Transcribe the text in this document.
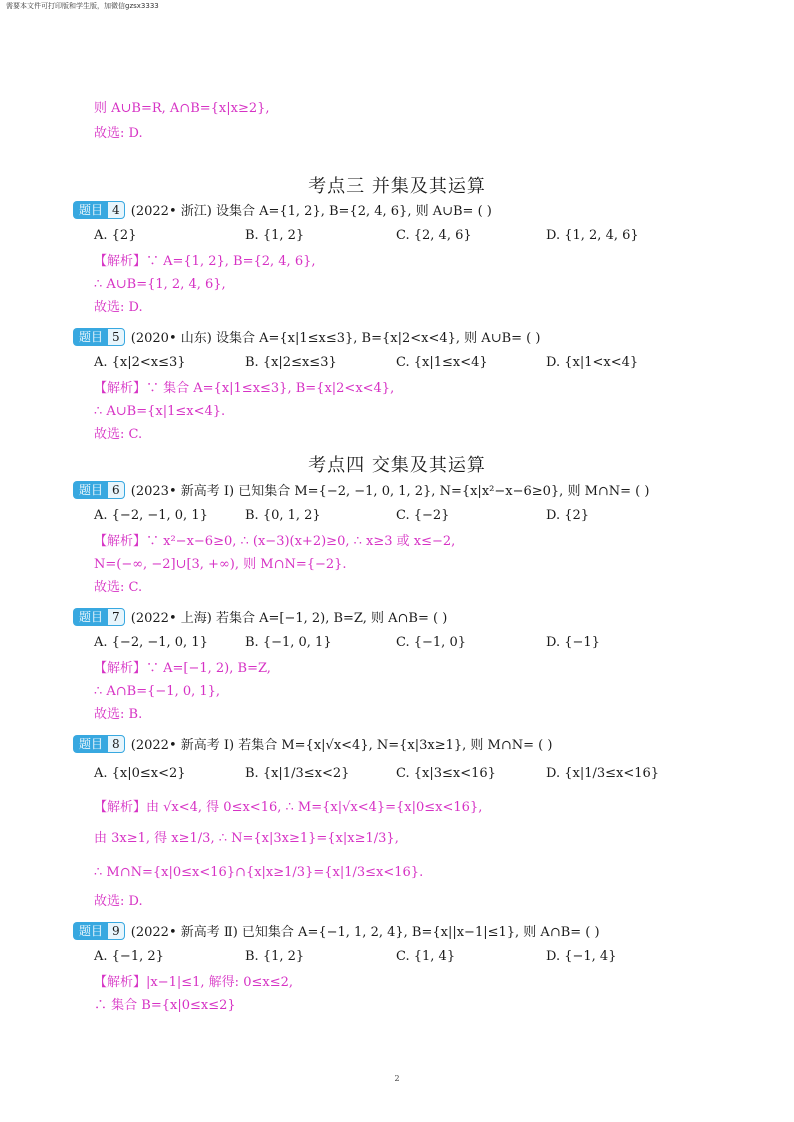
需要本文件可打印版和学生版，加微信gzsx3333
则 A∪B=R, A∩B={x|x≥2},
故选: D.
考点三 并集及其运算
题目 4 (2022• 浙江) 设集合 A={1, 2}, B={2, 4, 6}, 则 A∪B= ( )
A. {2}	B. {1, 2}	C. {2, 4, 6}	D. {1, 2, 4, 6}
【解析】∵ A={1, 2}, B={2, 4, 6},
∴ A∪B={1, 2, 4, 6},
故选: D.
题目 5 (2020• 山东) 设集合 A={x|1≤x≤3}, B={x|2<x<4}, 则 A∪B= ( )
A. {x|2<x≤3}	B. {x|2≤x≤3}	C. {x|1≤x<4}	D. {x|1<x<4}
【解析】∵ 集合 A={x|1≤x≤3}, B={x|2<x<4},
∴ A∪B={x|1≤x<4}.
故选: C.
考点四 交集及其运算
题目 6 (2023• 新高考 Ⅰ) 已知集合 M={−2, −1, 0, 1, 2}, N={x|x²−x−6≥0}, 则 M∩N= ( )
A. {−2, −1, 0, 1}	B. {0, 1, 2}	C. {−2}	D. {2}
【解析】∵ x²−x−6≥0, ∴ (x−3)(x+2)≥0, ∴ x≥3 或 x≤−2,
N=(−∞, −2]∪[3, +∞), 则 M∩N={−2}.
故选: C.
题目 7 (2022• 上海) 若集合 A=[−1, 2), B=Z, 则 A∩B= ( )
A. {−2, −1, 0, 1}	B. {−1, 0, 1}	C. {−1, 0}	D. {−1}
【解析】∵ A=[−1, 2), B=Z,
∴ A∩B={−1, 0, 1},
故选: B.
题目 8 (2022• 新高考 Ⅰ) 若集合 M={x|√x<4}, N={x|3x≥1}, 则 M∩N= ( )
A. {x|0≤x<2}	B. {x|1/3≤x<2}	C. {x|3≤x<16}	D. {x|1/3≤x<16}
【解析】由 √x<4, 得 0≤x<16, ∴ M={x|√x<4}={x|0≤x<16},
由 3x≥1, 得 x≥1/3, ∴ N={x|3x≥1}={x|x≥1/3},
∴ M∩N={x|0≤x<16}∩{x|x≥1/3}={x|1/3≤x<16}.
故选: D.
题目 9 (2022• 新高考 Ⅱ) 已知集合 A={−1, 1, 2, 4}, B={x||x−1|≤1}, 则 A∩B= ( )
A. {−1, 2}	B. {1, 2}	C. {1, 4}	D. {−1, 4}
【解析】|x−1|≤1, 解得: 0≤x≤2,
∴ 集合 B={x|0≤x≤2}
2
